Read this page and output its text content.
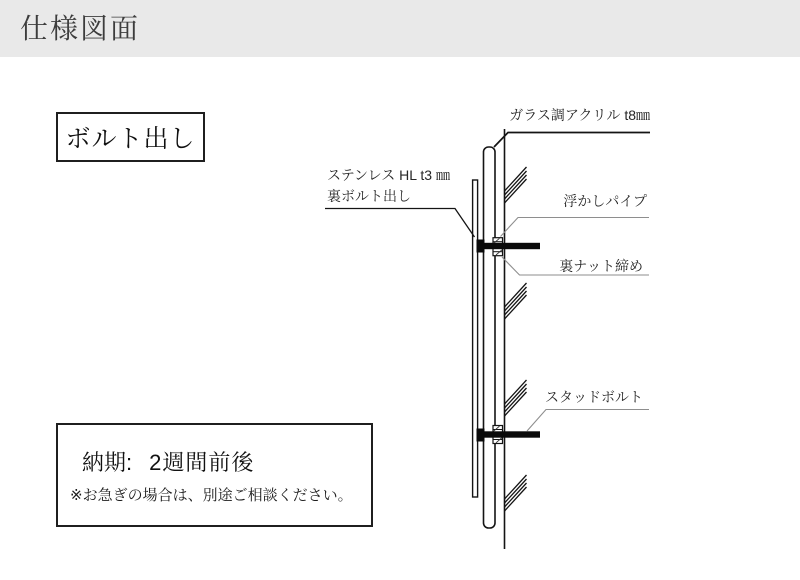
仕様図面
ボルト出し
ガラス調アクリル t8㎜
ステンレス HL t3 ㎜
裏ボルト出し	浮かしパイプ
裏ナット締め
スタッドボルト
納期: 2週間前後
※お急ぎの場合は、別途ご相談ください。
